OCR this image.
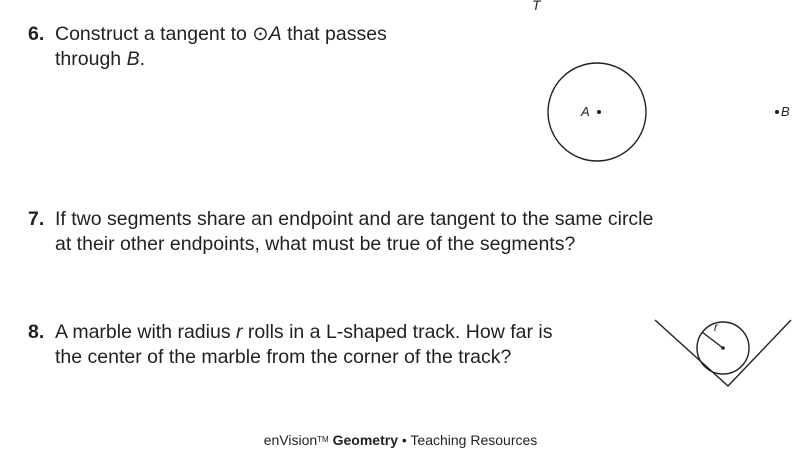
T
6. Construct a tangent to ⊙A that passes
through B.
A	B
7. If two segments share an endpoint and are tangent to the same circle
at their other endpoints, what must be true of the segments?
8. A marble with radius r rolls in a L-shaped track. How far is
the center of the marble from the corner of the track?
r
enVision™ Geometry • Teaching Resources
